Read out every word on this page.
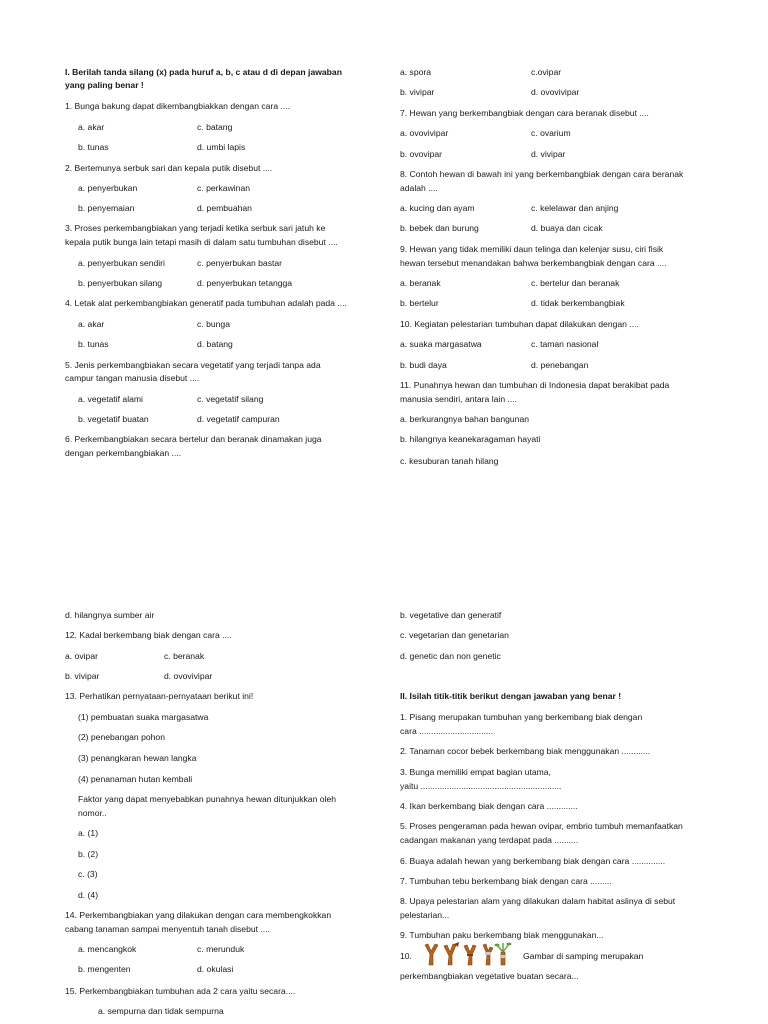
I. Berilah tanda silang (x) pada huruf a, b, c atau d di depan jawaban
yang paling benar !
1. Bunga bakung dapat dikembangbiakkan dengan cara ....
a. akar	c. batang
b. tunas	d. umbi lapis
2. Bertemunya serbuk sari dan kepala putik disebut ....
a. penyerbukan	c. perkawinan
b. penyemaian	d. pembuahan
3. Proses perkembangbiakan yang terjadi ketika serbuk sari jatuh ke
kepala putik bunga lain tetapi masih di dalam satu tumbuhan disebut ....
a. penyerbukan sendiri	c. penyerbukan bastar
b. penyerbukan silang	d. penyerbukan tetangga
4. Letak alat perkembangbiakan generatif pada tumbuhan adalah pada ....
a. akar	c. bunga
b. tunas	d. batang
5. Jenis perkembangbiakan secara vegetatif yang terjadi tanpa ada
campur tangan manusia disebut ....
a. vegetatif alami	c. vegetatif silang
b. vegetatif buatan	d. vegetatif campuran
6. Perkembangbiakan secara bertelur dan beranak dinamakan juga
dengan perkembangbiakan ....
a. spora	c.ovipar
b. vivipar	d. ovovivipar
7. Hewan yang berkembangbiak dengan cara beranak disebut ....
a. ovovivipar	c. ovarium
b. ovovipar	d. vivipar
8. Contoh hewan di bawah ini yang berkembangbiak dengan cara beranak
adalah ....
a. kucing dan ayam	c. kelelawar dan anjing
b. bebek dan burung	d. buaya dan cicak
9. Hewan yang tidak memiliki daun telinga dan kelenjar susu, ciri fisik
hewan tersebut menandakan bahwa berkembangbiak dengan cara ....
a. beranak	c. bertelur dan beranak
b. bertelur	d. tidak berkembangbiak
10. Kegiatan pelestarian tumbuhan dapat dilakukan dengan ....
a. suaka margasatwa	c. taman nasional
b. budi daya	d. penebangan
11. Punahnya hewan dan tumbuhan di Indonesia dapat berakibat pada
manusia sendiri, antara lain ....
a. berkurangnya bahan bangunan
b. hilangnya keanekaragaman hayati
c. kesuburan tanah hilang
d. hilangnya sumber air
12. Kadal berkembang biak dengan cara ....
a. ovipar	c. beranak
b. vivipar	d. ovovivipar
13. Perhatikan pernyataan-pernyataan berikut ini!
(1) pembuatan suaka margasatwa
(2) penebangan pohon
(3) penangkaran hewan langka
(4) penanaman hutan kembali
Faktor yang dapat menyebabkan punahnya hewan ditunjukkan oleh
nomor..
a. (1)
b. (2)
c. (3)
d. (4)
14. Perkembangbiakan yang dilakukan dengan cara membengkokkan
cabang tanaman sampai menyentuh tanah disebut ....
a. mencangkok	c. merunduk
b. mengenten	d. okulasi
15. Perkembangbiakan tumbuhan ada 2 cara yaitu secara....
a. sempurna dan tidak sempurna
b. vegetative dan generatif
c. vegetarian dan genetarian
d. genetic dan non genetic
II. Isilah titik-titik berikut dengan jawaban yang benar !
1. Pisang merupakan tumbuhan yang berkembang biak dengan
cara ...............................
2. Tanaman cocor bebek berkembang biak menggunakan ............
3. Bunga memiliki empat bagian utama,
yaitu ...........................................................
4. Ikan berkembang biak dengan cara .............
5. Proses pengeraman pada hewan ovipar, embrio tumbuh memanfaatkan
cadangan makanan yang terdapat pada ..........
6. Buaya adalah hewan yang berkembang biak dengan cara ..............
7. Tumbuhan tebu berkembang biak dengan cara .........
8. Upaya pelestarian alam yang dilakukan dalam habitat aslinya di sebut
pelestarian...
9. Tumbuhan paku berkembang biak menggunakan...
10.	Gambar di samping merupakan
perkembangbiakan vegetative buatan secara...
